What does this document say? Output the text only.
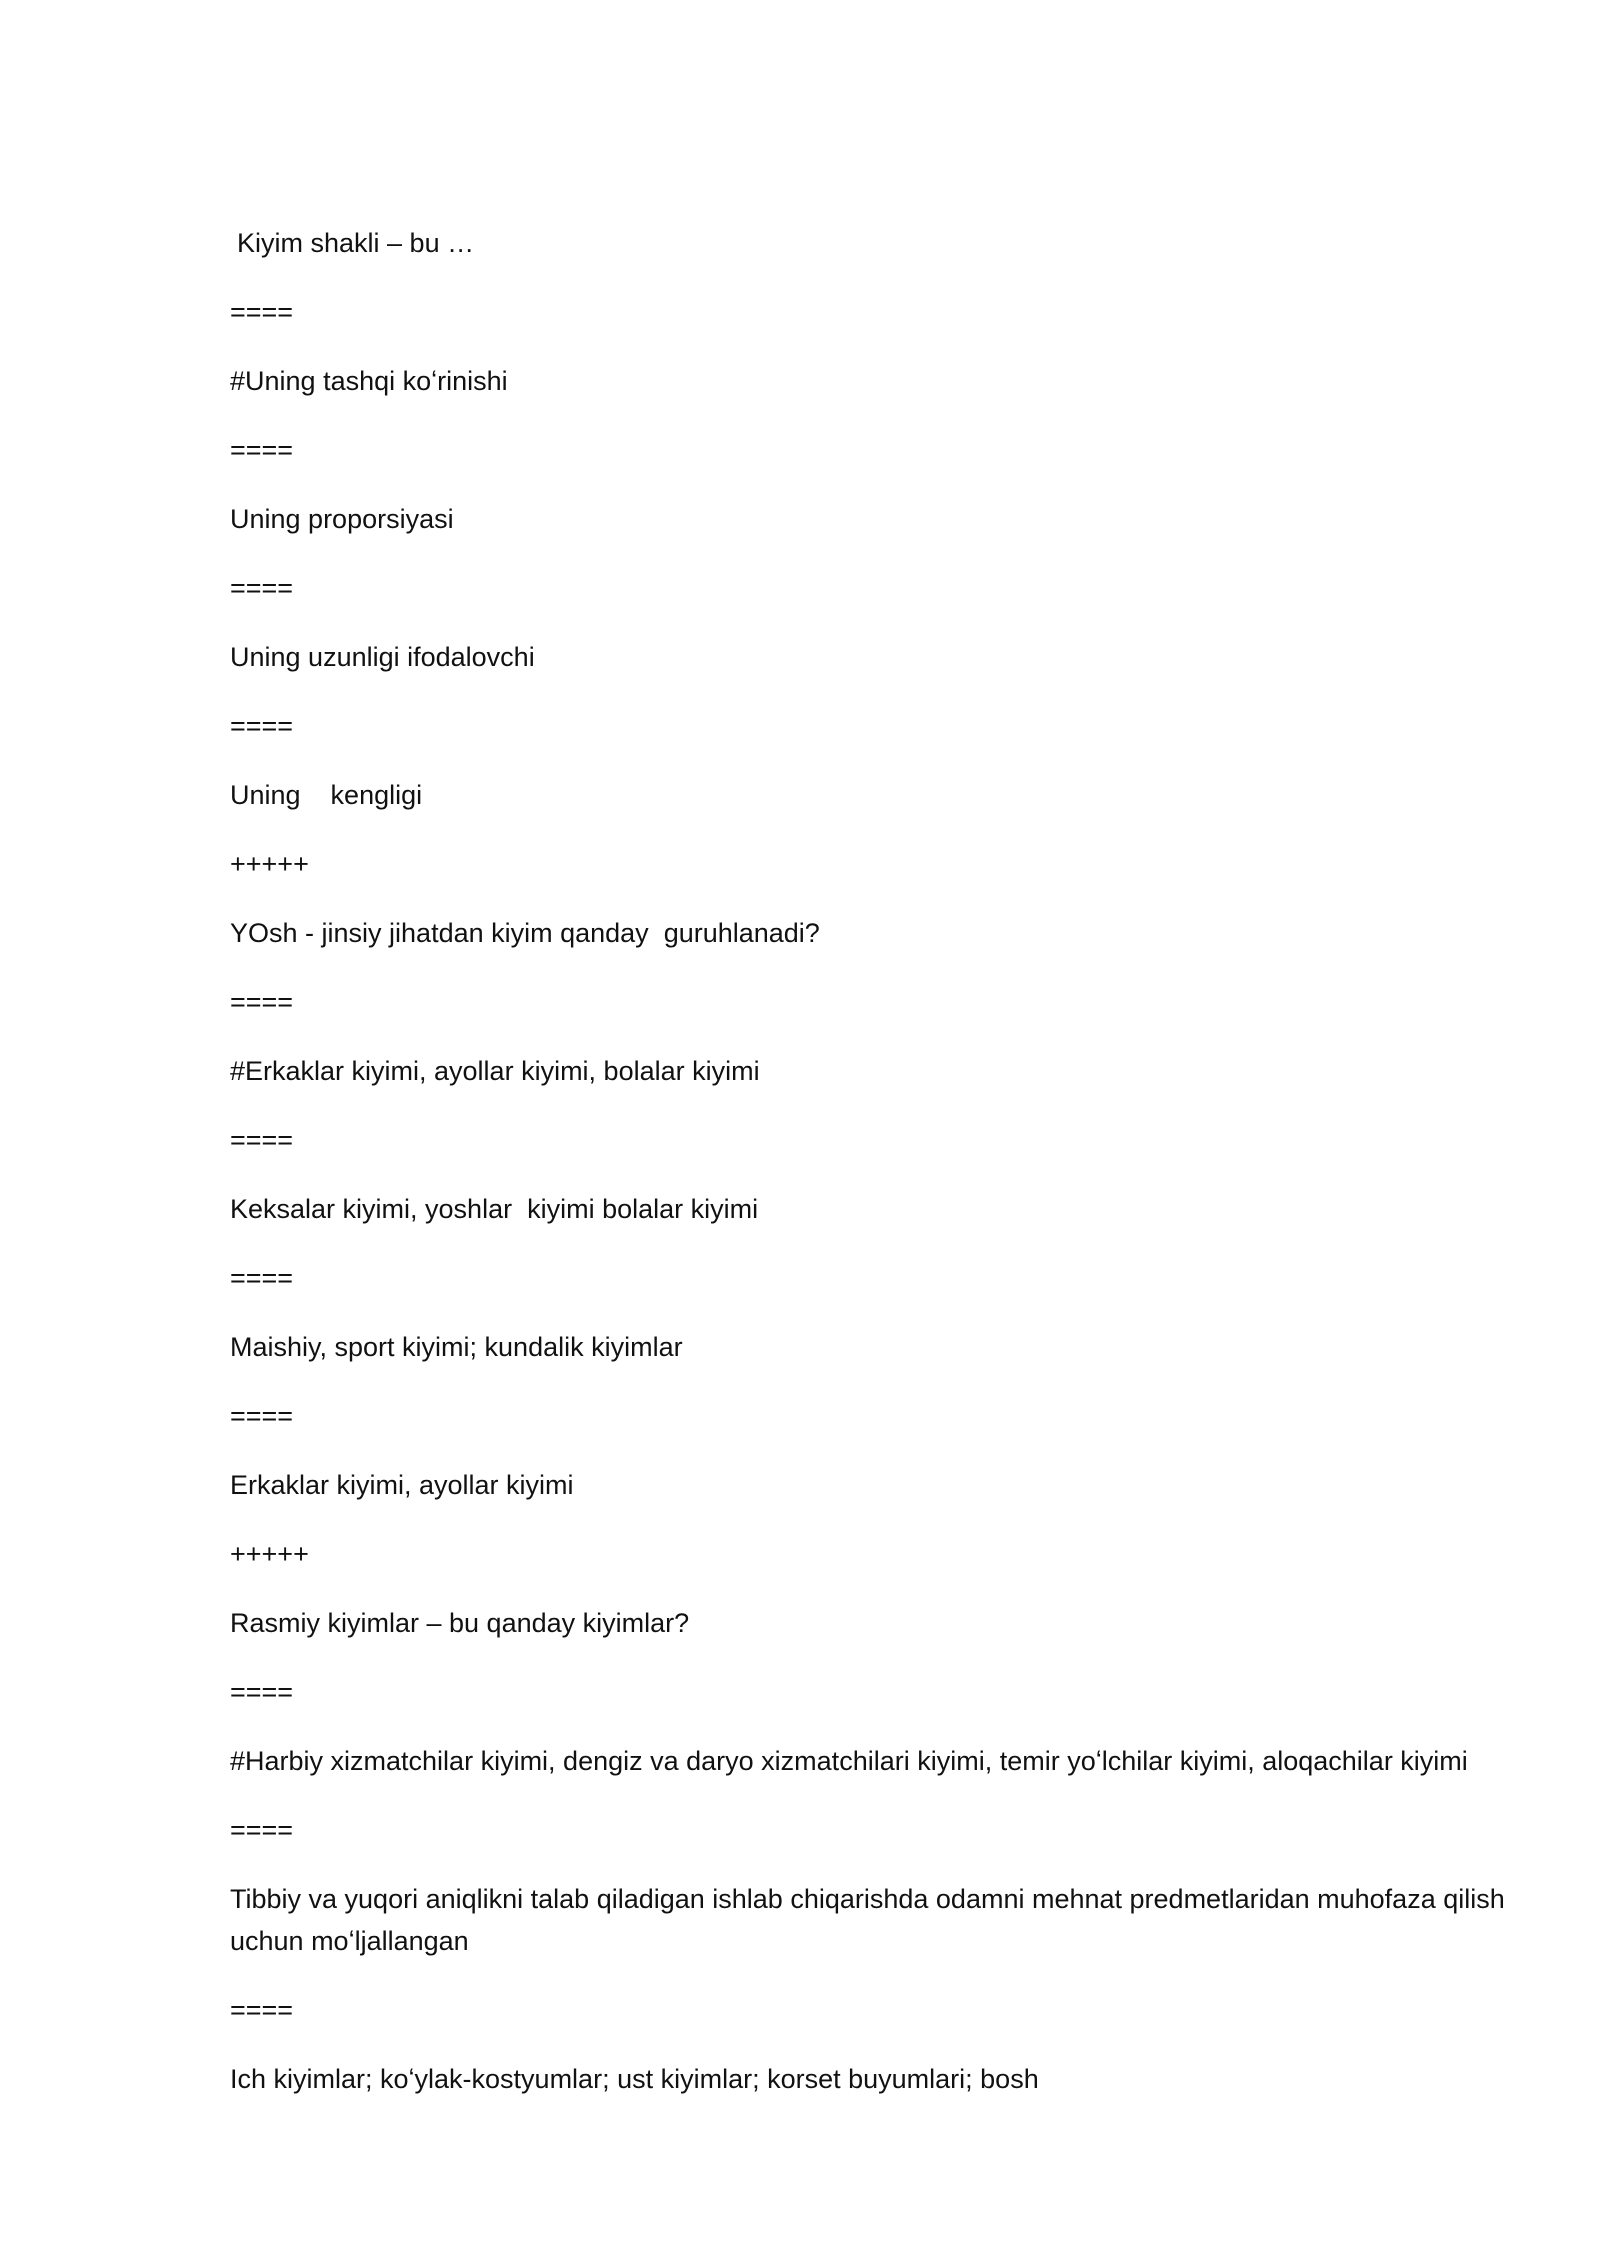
Kiyim shakli – bu …
====
#Uning tashqi koʻrinishi
====
Uning proporsiyasi
====
Uning uzunligi ifodalovchi
====
Uning    kengligi
+++++
YOsh - jinsiy jihatdan kiyim qanday  guruhlanadi?
====
#Erkaklar kiyimi, ayollar kiyimi, bolalar kiyimi
====
Keksalar kiyimi, yoshlar  kiyimi bolalar kiyimi
====
Maishiy, sport kiyimi; kundalik kiyimlar
====
Erkaklar kiyimi, ayollar kiyimi
+++++
Rasmiy kiyimlar – bu qanday kiyimlar?
====
#Harbiy xizmatchilar kiyimi, dengiz va daryo xizmatchilari kiyimi, temir yoʻlchilar kiyimi, aloqachilar kiyimi
====
Tibbiy va yuqori aniqlikni talab qiladigan ishlab chiqarishda odamni mehnat predmetlaridan muhofaza qilish uchun moʻljallangan
====
Ich kiyimlar; koʻylak-kostyumlar; ust kiyimlar; korset buyumlari; bosh
